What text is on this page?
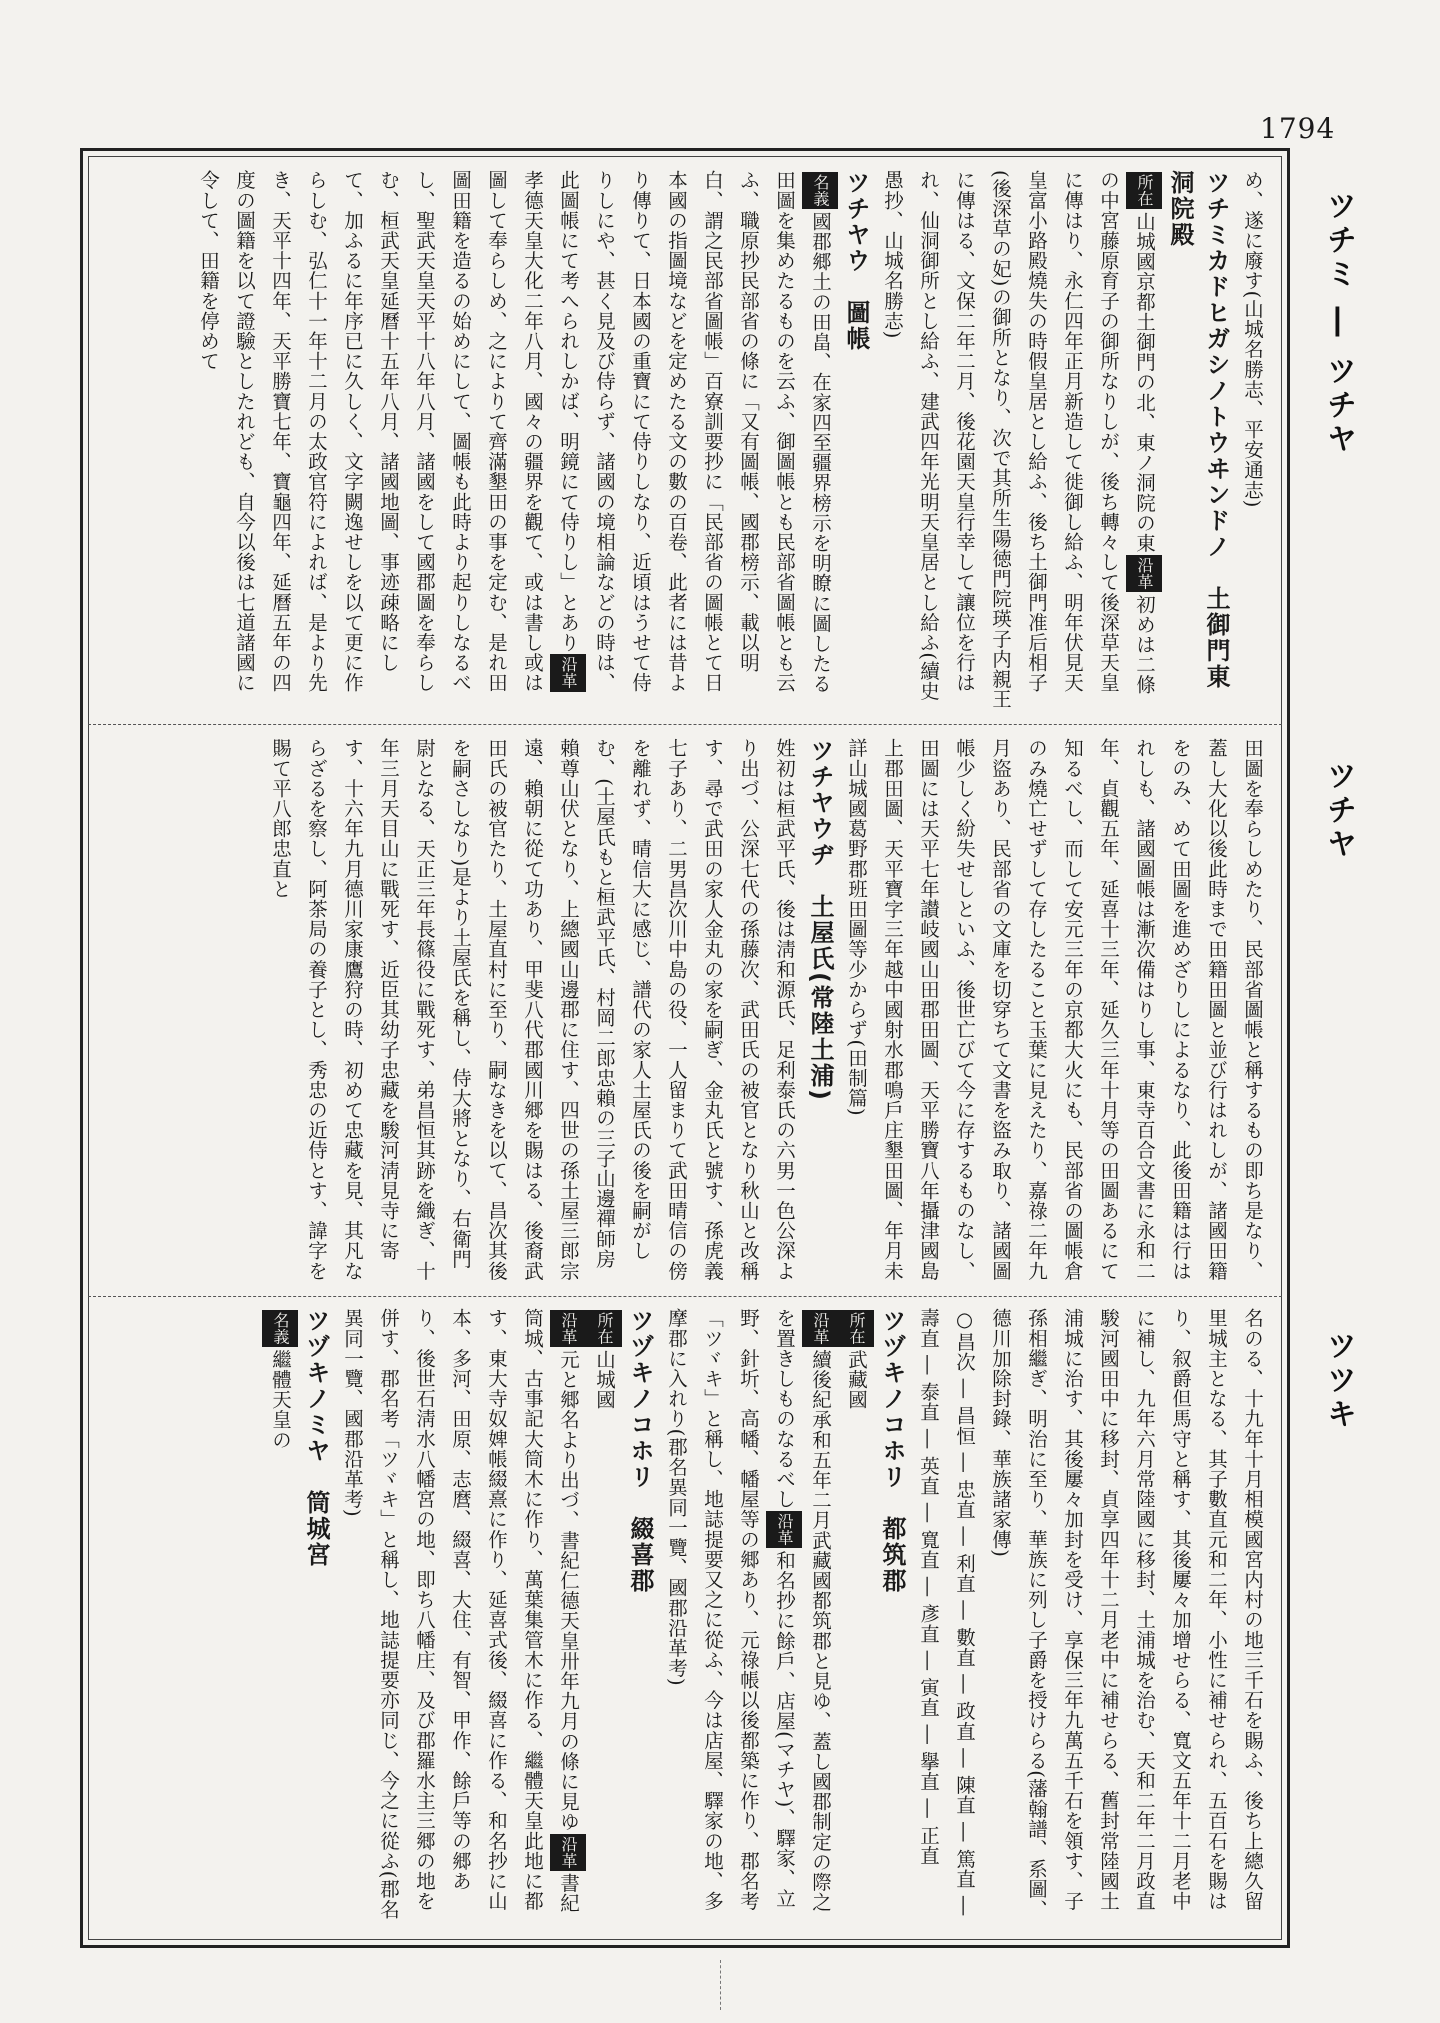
1794
ツチミ ― ツチヤ
ツチヤ
ツツキ

め、遂に廢す(山城名勝志、平安通志)

ツチミカドヒガシノトウヰンドノ　土御門東洞院殿

所在山城國京都土御門の北、東ノ洞院の東沿革初めは二條の中宮藤原育子の御所なりしが、後ち轉々して後深草天皇に傳はり、永仁四年正月新造して徙御し給ふ、明年伏見天皇富小路殿燒失の時假皇居とし給ふ、後ち土御門准后相子(後深草の妃)の御所となり、次で其所生陽徳門院瑛子内親王に傳はる、文保二年二月、後花園天皇行幸して讓位を行はれ、仙洞御所とし給ふ、建武四年光明天皇居とし給ふ(續史愚抄、山城名勝志)

ツチヤウ　圖帳

名義國郡郷土の田畠、在家四至疆界榜示を明瞭に圖したる田圖を集めたるものを云ふ、御圖帳とも民部省圖帳とも云ふ、職原抄民部省の條に「又有圖帳、國郡榜示、載以明白、謂之民部省圖帳」百寮訓要抄に「民部省の圖帳とて日本國の指圖境などを定めたる文の數の百卷、此者には昔より傳りて、日本國の重寶にて侍りしなり、近頃はうせて侍りしにや、甚く見及び侍らず、諸國の境相論などの時は、此圖帳にて考へられしかば、明鏡にて侍りし」とあり沿革孝德天皇大化二年八月、國々の疆界を觀て、或は書し或は圖して奉らしめ、之によりて齊滿墾田の事を定む、是れ田圖田籍を造るの始めにして、圖帳も此時より起りしなるべし、聖武天皇天平十八年八月、諸國をして國郡圖を奉らしむ、桓武天皇延曆十五年八月、諸國地圖、事迹疎略にして、加ふるに年序已に久しく、文字闕逸せしを以て更に作らしむ、弘仁十一年十二月の太政官符によれば、是より先き、天平十四年、天平勝寶七年、寶龜四年、延曆五年の四度の圖籍を以て證驗としたれども、自今以後は七道諸國に令して、田籍を停めて

田圖を奉らしめたり、民部省圖帳と稱するもの即ち是なり、蓋し大化以後此時まで田籍田圖と並び行はれしが、諸國田籍をのみ、めて田圖を進めざりしによるなり、此後田籍は行はれしも、諸國圖帳は漸次備はりし事、東寺百合文書に永和二年、貞觀五年、延喜十三年、延久三年十月等の田圖あるにて知るべし、而して安元三年の京都大火にも、民部省の圖帳倉のみ燒亡せずして存したること玉葉に見えたり、嘉祿二年九月盜あり、民部省の文庫を切穿ちて文書を盜み取り、諸國圖帳少しく紛失せしといふ、後世亡びて今に存するものなし、田圖には天平七年讃岐國山田郡田圖、天平勝寶八年攝津國島上郡田圖、天平寶字三年越中國射水郡鳴戶庄墾田圖、年月未詳山城國葛野郡班田圖等少からず(田制篇)

ツチヤウヂ　土屋氏(常陸土浦)

姓初は桓武平氏、後は淸和源氏、足利泰氏の六男一色公深より出づ、公深七代の孫藤次、武田氏の被官となり秋山と改稱す、尋で武田の家人金丸の家を嗣ぎ、金丸氏と號す、孫虎義七子あり、二男昌次川中島の役、一人留まりて武田晴信の傍を離れず、晴信大に感じ、譜代の家人土屋氏の後を嗣がしむ、(土屋氏もと桓武平氏、村岡二郎忠賴の三子山邊禪師房賴尊山伏となり、上總國山邊郡に住す、四世の孫土屋三郎宗遠、賴朝に從て功あり、甲斐八代郡國川郷を賜はる、後裔武田氏の被官たり、土屋直村に至り、嗣なきを以て、昌次其後を嗣さしなり)是より土屋氏を稱し、侍大將となり、右衛門尉となる、天正三年長篠役に戰死す、弟昌恒其跡を織ぎ、十年三月天目山に戰死す、近臣其幼子忠藏を駿河淸見寺に寄す、十六年九月德川家康鷹狩の時、初めて忠藏を見、其凡ならざるを察し、阿茶局の養子とし、秀忠の近侍とす、諱字を賜て平八郎忠直と

名のる、十九年十月相模國宮内村の地三千石を賜ふ、後ち上總久留里城主となる、其子數直元和二年、小性に補せられ、五百石を賜はり、叙爵但馬守と稱す、其後屢々加增せらる、寬文五年十二月老中に補し、九年六月常陸國に移封、土浦城を治む、天和二年二月政直駿河國田中に移封、貞享四年十二月老中に補せらる、舊封常陸國土浦城に治す、其後屢々加封を受け、享保三年九萬五千石を領す、子孫相繼ぎ、明治に至り、華族に列し子爵を授けらる(藩翰譜、系圖、德川加除封錄、華族諸家傳)

○昌次 ― 昌恒 ― 忠直 ― 利直 ― 數直 ― 政直 ― 陳直 ― 篤直 ― 壽直 ― 泰直 ― 英直 ― 寬直 ― 彥直 ― 寅直 ― 擧直 ― 正直

ツヅキノコホリ　都筑郡

所在武藏國

沿革續後紀承和五年二月武藏國都筑郡と見ゆ、蓋し國郡制定の際之を置きしものなるべし沿革和名抄に餘戶、店屋(マチヤ)、驛家、立野、針圻、高幡、幡屋等の郷あり、元祿帳以後都築に作り、郡名考「ツヾキ」と稱し、地誌提要又之に從ふ、今は店屋、驛家の地、多摩郡に入れり(郡名異同一覽、國郡沿革考)

ツヅキノコホリ　綴喜郡

所在山城國

沿革元と郷名より出づ、書紀仁德天皇卅年九月の條に見ゆ沿革書紀筒城、古事記大筒木に作り、萬葉集管木に作る、繼體天皇此地に都す、東大寺奴婢帳綴熹に作り、延喜式後、綴喜に作る、和名抄に山本、多河、田原、志麿、綴喜、大住、有智、甲作、餘戶等の郷あり、後世石淸水八幡宮の地、即ち八幡庄、及び郡羅水主三郷の地を併す、郡名考「ツヾキ」と稱し、地誌提要亦同じ、今之に從ふ(郡名異同一覽、國郡沿革考)

ツヅキノミヤ　筒城宮

名義繼體天皇の
